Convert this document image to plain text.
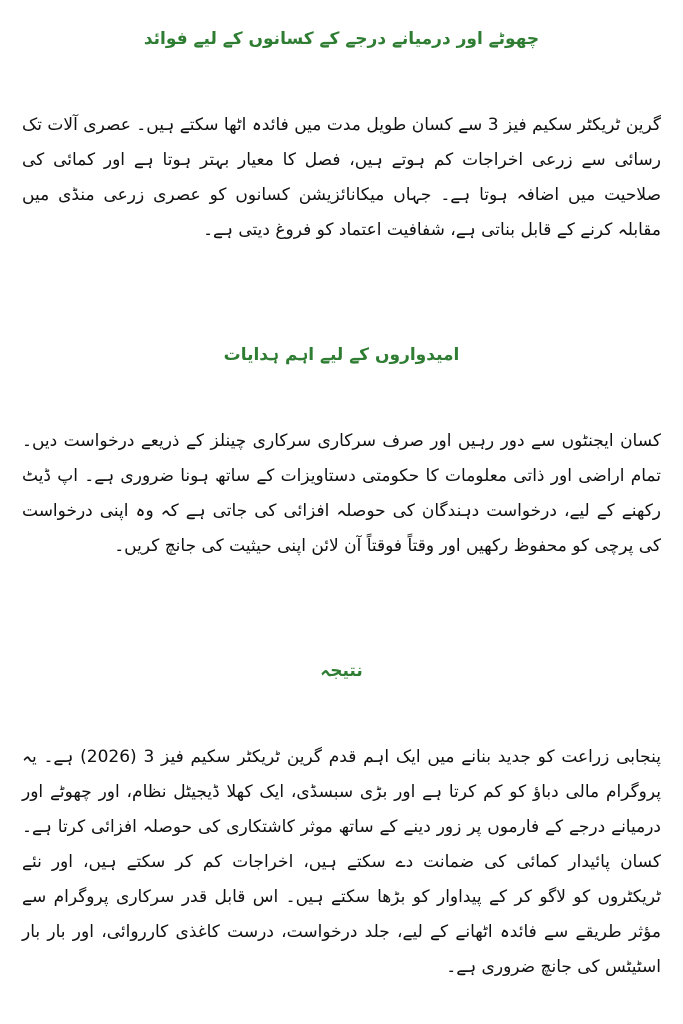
چھوٹے اور درمیانے درجے کے کسانوں کے لیے فوائد

گرین ٹریکٹر سکیم فیز 3 سے کسان طویل مدت میں فائدہ اٹھا سکتے ہیں۔ عصری آلات تک رسائی سے زرعی اخراجات کم ہوتے ہیں، فصل کا معیار بہتر ہوتا ہے اور کمائی کی صلاحیت میں اضافہ ہوتا ہے۔ جہاں میکانائزیشن کسانوں کو عصری زرعی منڈی میں مقابلہ کرنے کے قابل بناتی ہے، شفافیت اعتماد کو فروغ دیتی ہے۔

امیدواروں کے لیے اہم ہدایات

کسان ایجنٹوں سے دور رہیں اور صرف سرکاری سرکاری چینلز کے ذریعے درخواست دیں۔ تمام اراضی اور ذاتی معلومات کا حکومتی دستاویزات کے ساتھ ہونا ضروری ہے۔ اپ ڈیٹ رکھنے کے لیے، درخواست دہندگان کی حوصلہ افزائی کی جاتی ہے کہ وہ اپنی درخواست کی پرچی کو محفوظ رکھیں اور وقتاً فوقتاً آن لائن اپنی حیثیت کی جانچ کریں۔

نتیجہ

پنجابی زراعت کو جدید بنانے میں ایک اہم قدم گرین ٹریکٹر سکیم فیز 3 (2026) ہے۔ یہ پروگرام مالی دباؤ کو کم کرتا ہے اور بڑی سبسڈی، ایک کھلا ڈیجیٹل نظام، اور چھوٹے اور درمیانے درجے کے فارموں پر زور دینے کے ساتھ موثر کاشتکاری کی حوصلہ افزائی کرتا ہے۔ کسان پائیدار کمائی کی ضمانت دے سکتے ہیں، اخراجات کم کر سکتے ہیں، اور نئے ٹریکٹروں کو لاگو کر کے پیداوار کو بڑھا سکتے ہیں۔ اس قابل قدر سرکاری پروگرام سے مؤثر طریقے سے فائدہ اٹھانے کے لیے، جلد درخواست، درست کاغذی کارروائی، اور بار بار اسٹیٹس کی جانچ ضروری ہے۔
